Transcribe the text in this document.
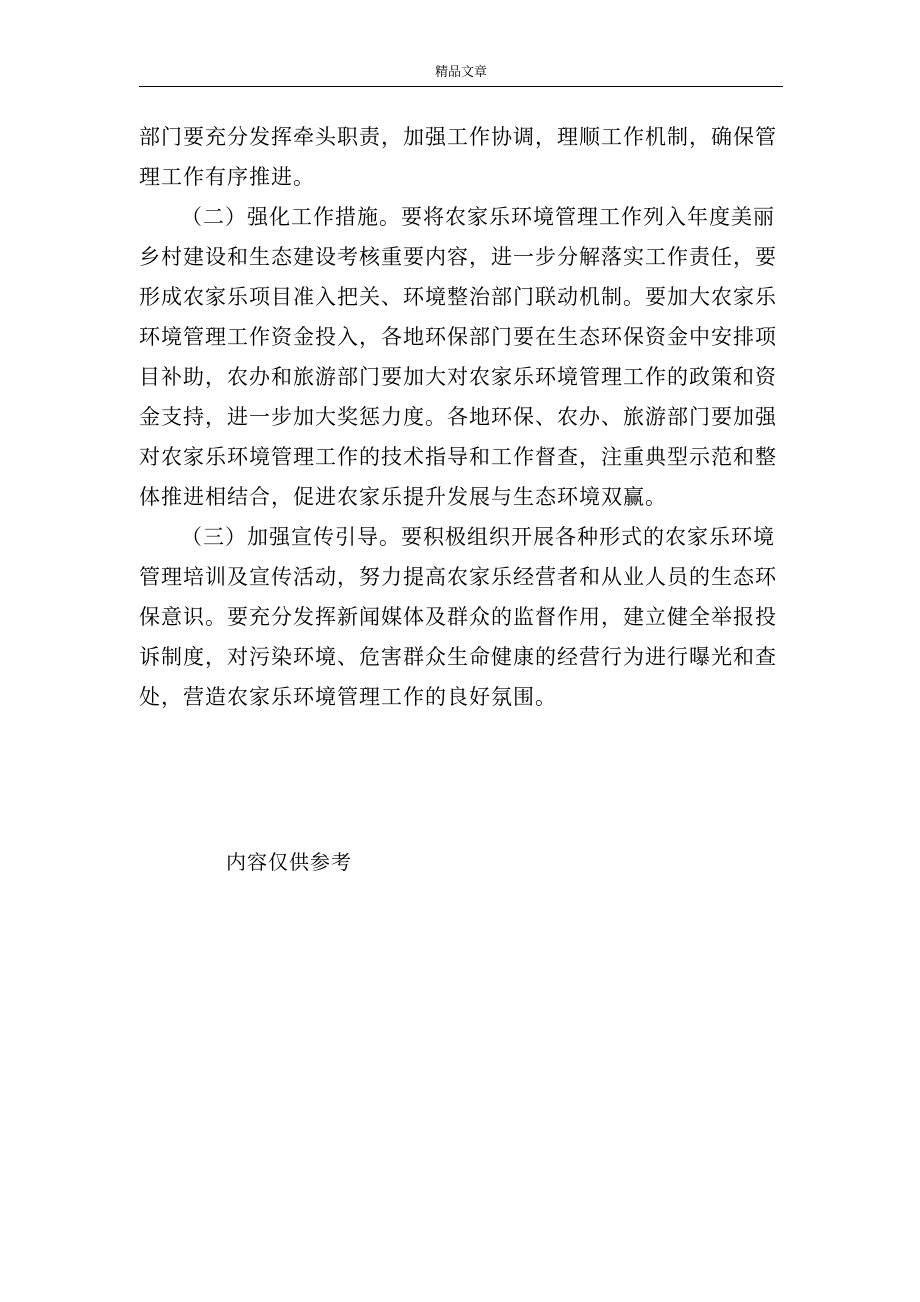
精品文章

部门要充分发挥牵头职责，加强工作协调，理顺工作机制，确保管
理工作有序推进。

（二）强化工作措施。要将农家乐环境管理工作列入年度美丽
乡村建设和生态建设考核重要内容，进一步分解落实工作责任，要
形成农家乐项目准入把关、环境整治部门联动机制。要加大农家乐
环境管理工作资金投入，各地环保部门要在生态环保资金中安排项
目补助，农办和旅游部门要加大对农家乐环境管理工作的政策和资
金支持，进一步加大奖惩力度。各地环保、农办、旅游部门要加强
对农家乐环境管理工作的技术指导和工作督查，注重典型示范和整
体推进相结合，促进农家乐提升发展与生态环境双赢。

（三）加强宣传引导。要积极组织开展各种形式的农家乐环境
管理培训及宣传活动，努力提高农家乐经营者和从业人员的生态环
保意识。要充分发挥新闻媒体及群众的监督作用，建立健全举报投
诉制度，对污染环境、危害群众生命健康的经营行为进行曝光和查
处，营造农家乐环境管理工作的良好氛围。

内容仅供参考
